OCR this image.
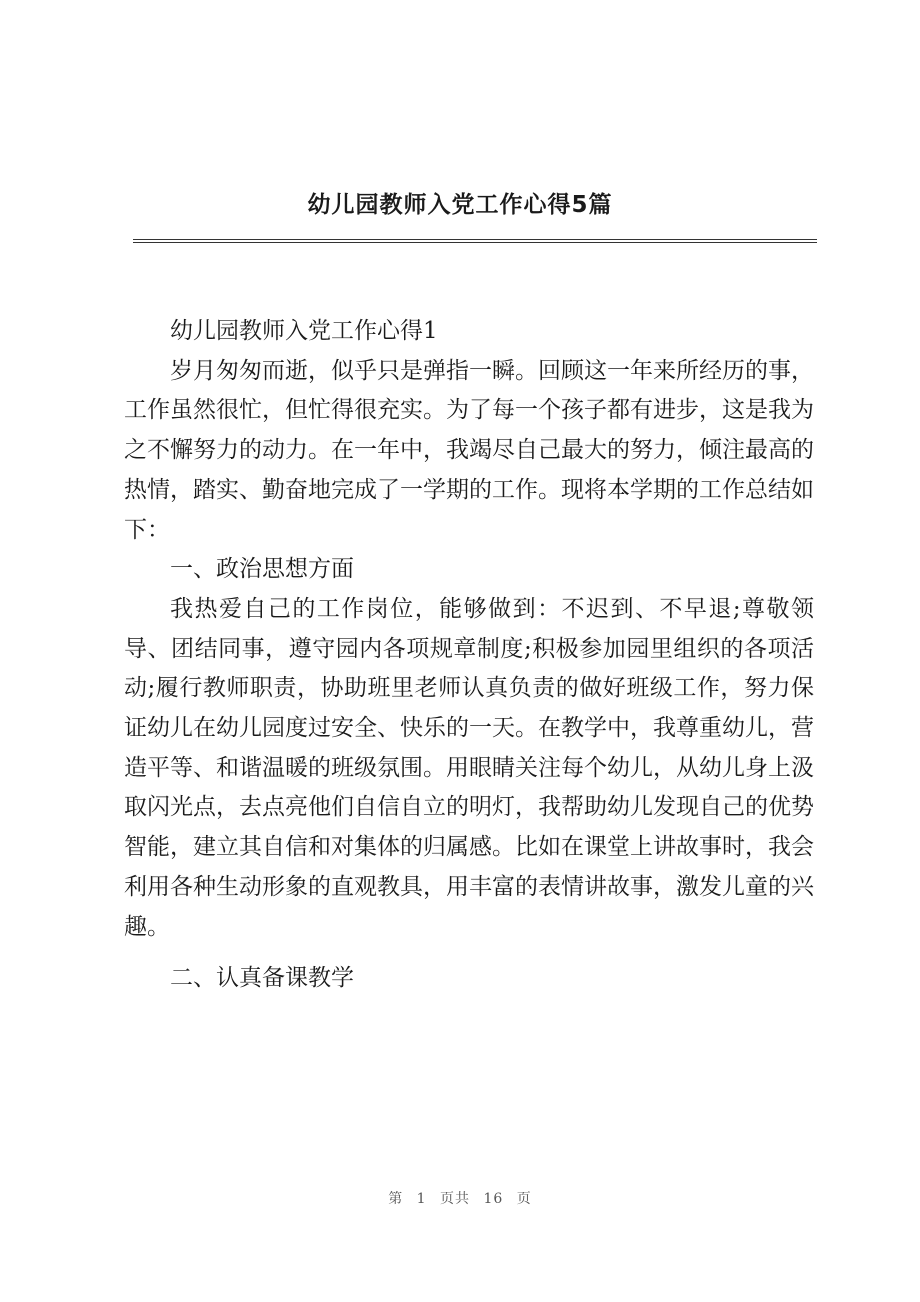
幼儿园教师入党工作心得5篇

幼儿园教师入党工作心得1

岁月匆匆而逝，似乎只是弹指一瞬。回顾这一年来所经历的事，工作虽然很忙，但忙得很充实。为了每一个孩子都有进步，这是我为之不懈努力的动力。在一年中，我竭尽自己最大的努力，倾注最高的热情，踏实、勤奋地完成了一学期的工作。现将本学期的工作总结如下：

一、政治思想方面

我热爱自己的工作岗位，能够做到：不迟到、不早退;尊敬领导、团结同事，遵守园内各项规章制度;积极参加园里组织的各项活动;履行教师职责，协助班里老师认真负责的做好班级工作，努力保证幼儿在幼儿园度过安全、快乐的一天。在教学中，我尊重幼儿，营造平等、和谐温暖的班级氛围。用眼睛关注每个幼儿，从幼儿身上汲取闪光点，去点亮他们自信自立的明灯，我帮助幼儿发现自己的优势智能，建立其自信和对集体的归属感。比如在课堂上讲故事时，我会利用各种生动形象的直观教具，用丰富的表情讲故事，激发儿童的兴趣。

二、认真备课教学

第 1 页共 16 页
